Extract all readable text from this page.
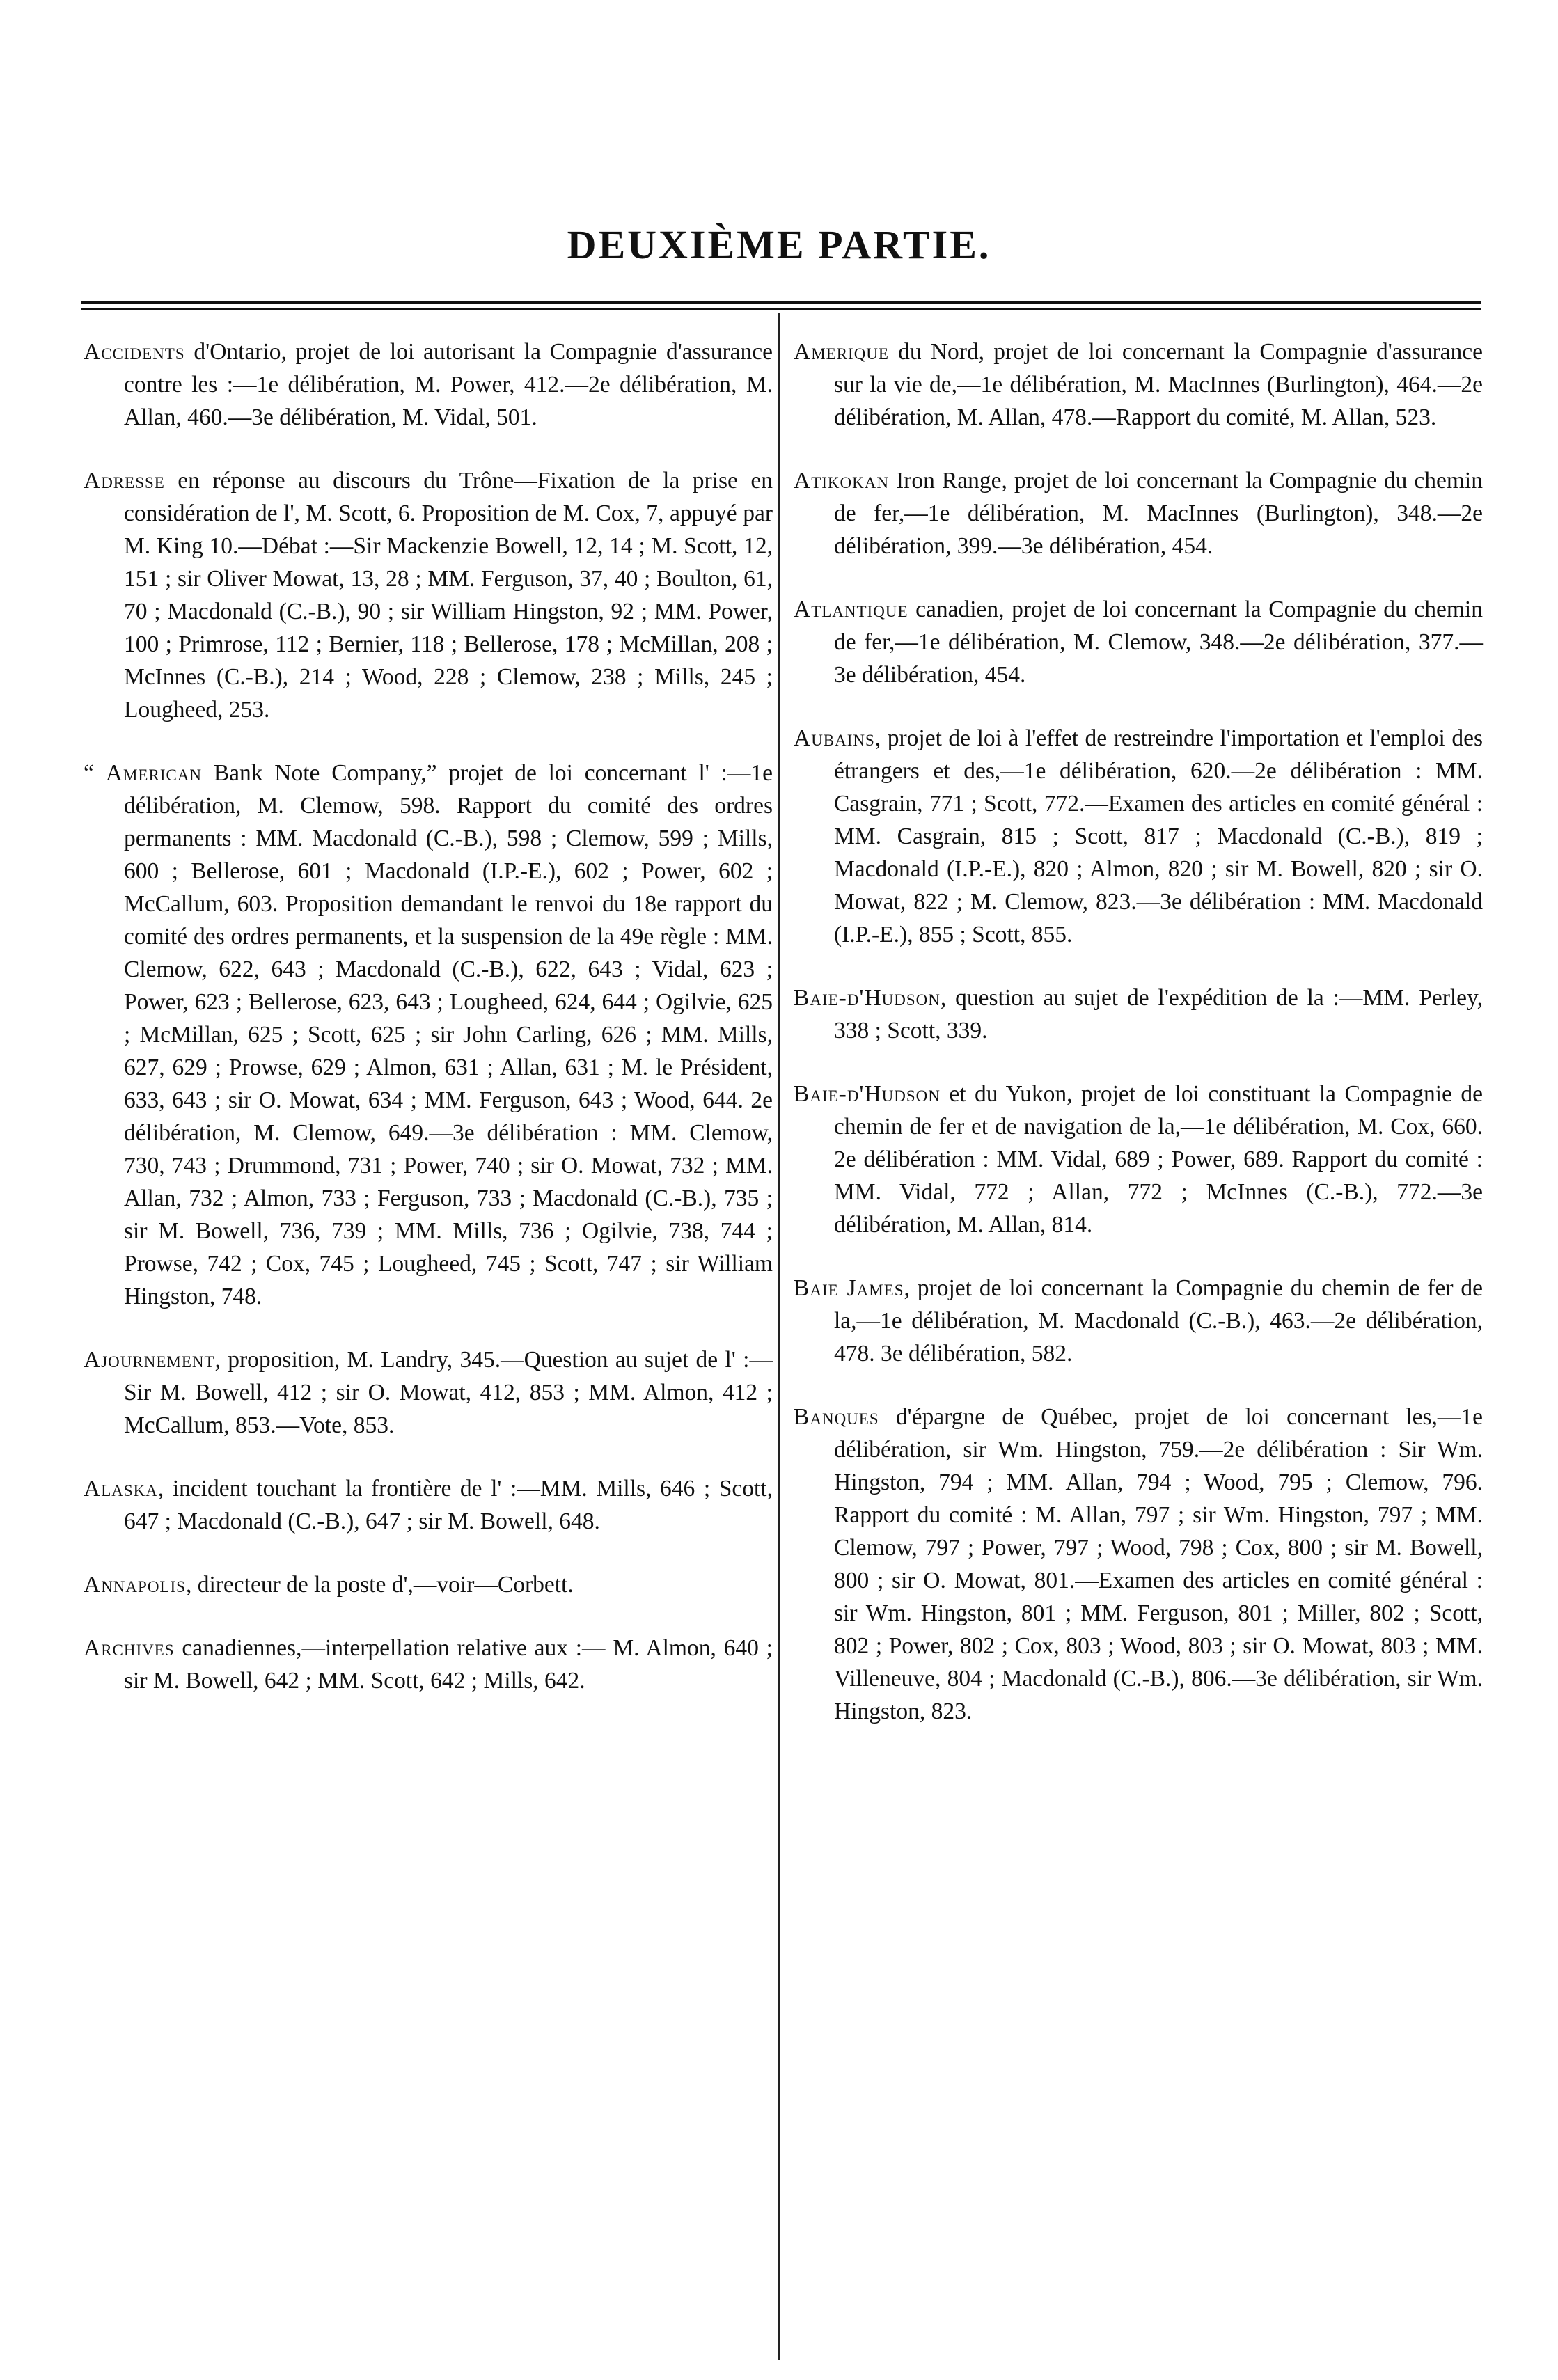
DEUXIÈME PARTIE.

Accidents d'Ontario, projet de loi autorisant la Compagnie d'assurance contre les :—1e délibération, M. Power, 412.—2e délibération, M. Allan, 460.—3e délibération, M. Vidal, 501.

Adresse en réponse au discours du Trône—Fixation de la prise en considération de l', M. Scott, 6. Proposition de M. Cox, 7, appuyé par M. King 10.—Débat :—Sir Mackenzie Bowell, 12, 14 ; M. Scott, 12, 151 ; sir Oliver Mowat, 13, 28 ; MM. Ferguson, 37, 40 ; Boulton, 61, 70 ; Macdonald (C.-B.), 90 ; sir William Hingston, 92 ; MM. Power, 100 ; Primrose, 112 ; Bernier, 118 ; Bellerose, 178 ; McMillan, 208 ; McInnes (C.-B.), 214 ; Wood, 228 ; Clemow, 238 ; Mills, 245 ; Lougheed, 253.

“ American Bank Note Company,” projet de loi concernant l' :—1e délibération, M. Clemow, 598. Rapport du comité des ordres permanents : MM. Macdonald (C.-B.), 598 ; Clemow, 599 ; Mills, 600 ; Bellerose, 601 ; Macdonald (I.P.-E.), 602 ; Power, 602 ; McCallum, 603. Proposition demandant le renvoi du 18e rapport du comité des ordres permanents, et la suspension de la 49e règle : MM. Clemow, 622, 643 ; Macdonald (C.-B.), 622, 643 ; Vidal, 623 ; Power, 623 ; Bellerose, 623, 643 ; Lougheed, 624, 644 ; Ogilvie, 625 ; McMillan, 625 ; Scott, 625 ; sir John Carling, 626 ; MM. Mills, 627, 629 ; Prowse, 629 ; Almon, 631 ; Allan, 631 ; M. le Président, 633, 643 ; sir O. Mowat, 634 ; MM. Ferguson, 643 ; Wood, 644. 2e délibération, M. Clemow, 649.—3e délibération : MM. Clemow, 730, 743 ; Drummond, 731 ; Power, 740 ; sir O. Mowat, 732 ; MM. Allan, 732 ; Almon, 733 ; Ferguson, 733 ; Macdonald (C.-B.), 735 ; sir M. Bowell, 736, 739 ; MM. Mills, 736 ; Ogilvie, 738, 744 ; Prowse, 742 ; Cox, 745 ; Lougheed, 745 ; Scott, 747 ; sir William Hingston, 748.

Ajournement, proposition, M. Landry, 345.—Question au sujet de l' :—Sir M. Bowell, 412 ; sir O. Mowat, 412, 853 ; MM. Almon, 412 ; McCallum, 853.—Vote, 853.

Alaska, incident touchant la frontière de l' :—MM. Mills, 646 ; Scott, 647 ; Macdonald (C.-B.), 647 ; sir M. Bowell, 648.

Annapolis, directeur de la poste d',—voir—Corbett.

Archives canadiennes,—interpellation relative aux :— M. Almon, 640 ; sir M. Bowell, 642 ; MM. Scott, 642 ; Mills, 642.

Amerique du Nord, projet de loi concernant la Compagnie d'assurance sur la vie de,—1e délibération, M. MacInnes (Burlington), 464.—2e délibération, M. Allan, 478.—Rapport du comité, M. Allan, 523.

Atikokan Iron Range, projet de loi concernant la Compagnie du chemin de fer,—1e délibération, M. MacInnes (Burlington), 348.—2e délibération, 399.—3e délibération, 454.

Atlantique canadien, projet de loi concernant la Compagnie du chemin de fer,—1e délibération, M. Clemow, 348.—2e délibération, 377.—3e délibération, 454.

Aubains, projet de loi à l'effet de restreindre l'importation et l'emploi des étrangers et des,—1e délibération, 620.—2e délibération : MM. Casgrain, 771 ; Scott, 772.—Examen des articles en comité général : MM. Casgrain, 815 ; Scott, 817 ; Macdonald (C.-B.), 819 ; Macdonald (I.P.-E.), 820 ; Almon, 820 ; sir M. Bowell, 820 ; sir O. Mowat, 822 ; M. Clemow, 823.—3e délibération : MM. Macdonald (I.P.-E.), 855 ; Scott, 855.

Baie-d'Hudson, question au sujet de l'expédition de la :—MM. Perley, 338 ; Scott, 339.

Baie-d'Hudson et du Yukon, projet de loi constituant la Compagnie de chemin de fer et de navigation de la,—1e délibération, M. Cox, 660. 2e délibération : MM. Vidal, 689 ; Power, 689. Rapport du comité : MM. Vidal, 772 ; Allan, 772 ; McInnes (C.-B.), 772.—3e délibération, M. Allan, 814.

Baie James, projet de loi concernant la Compagnie du chemin de fer de la,—1e délibération, M. Macdonald (C.-B.), 463.—2e délibération, 478. 3e délibération, 582.

Banques d'épargne de Québec, projet de loi concernant les,—1e délibération, sir Wm. Hingston, 759.—2e délibération : Sir Wm. Hingston, 794 ; MM. Allan, 794 ; Wood, 795 ; Clemow, 796. Rapport du comité : M. Allan, 797 ; sir Wm. Hingston, 797 ; MM. Clemow, 797 ; Power, 797 ; Wood, 798 ; Cox, 800 ; sir M. Bowell, 800 ; sir O. Mowat, 801.—Examen des articles en comité général : sir Wm. Hingston, 801 ; MM. Ferguson, 801 ; Miller, 802 ; Scott, 802 ; Power, 802 ; Cox, 803 ; Wood, 803 ; sir O. Mowat, 803 ; MM. Villeneuve, 804 ; Macdonald (C.-B.), 806.—3e délibération, sir Wm. Hingston, 823.
